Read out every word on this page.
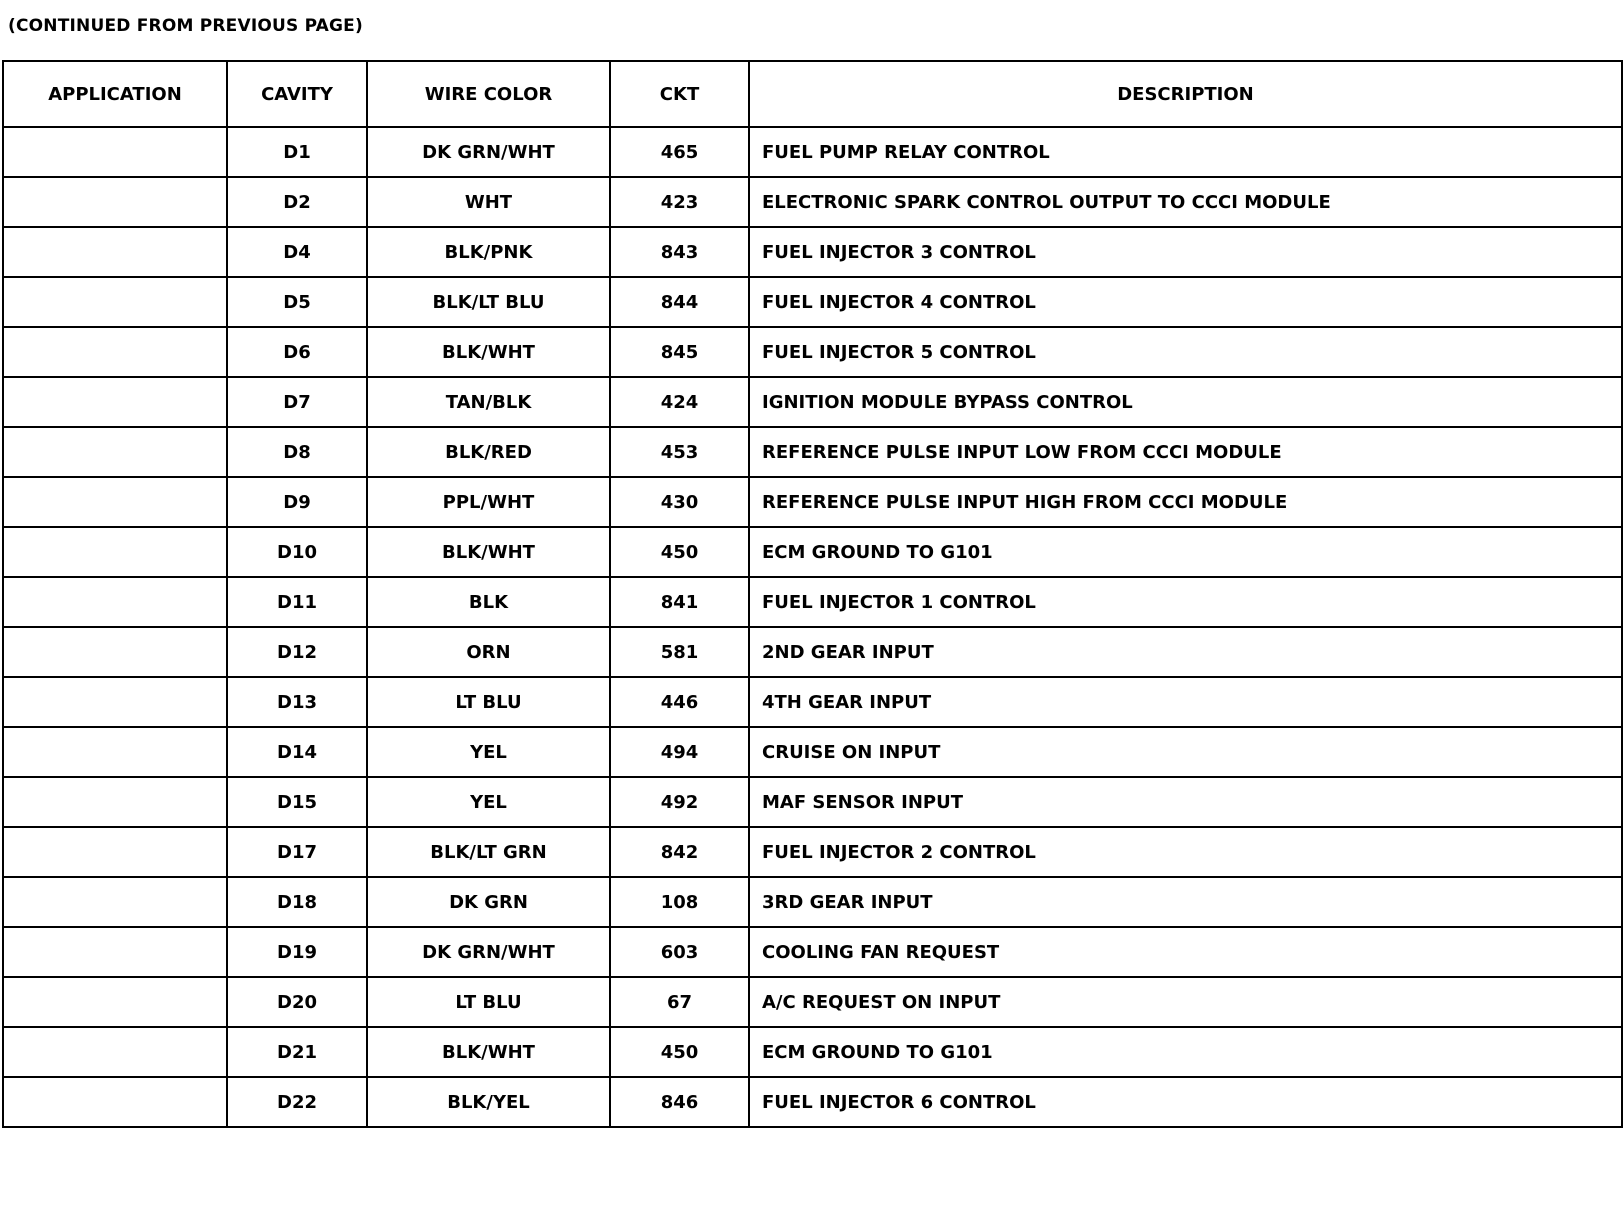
(CONTINUED FROM PREVIOUS PAGE)
APPLICATION	CAVITY	WIRE COLOR	CKT	DESCRIPTION
	D1	DK GRN/WHT	465	FUEL PUMP RELAY CONTROL
	D2	WHT	423	ELECTRONIC SPARK CONTROL OUTPUT TO CCCI MODULE
	D4	BLK/PNK	843	FUEL INJECTOR 3 CONTROL
	D5	BLK/LT BLU	844	FUEL INJECTOR 4 CONTROL
	D6	BLK/WHT	845	FUEL INJECTOR 5 CONTROL
	D7	TAN/BLK	424	IGNITION MODULE BYPASS CONTROL
	D8	BLK/RED	453	REFERENCE PULSE INPUT LOW FROM CCCI MODULE
	D9	PPL/WHT	430	REFERENCE PULSE INPUT HIGH FROM CCCI MODULE
	D10	BLK/WHT	450	ECM GROUND TO G101
	D11	BLK	841	FUEL INJECTOR 1 CONTROL
	D12	ORN	581	2ND GEAR INPUT
	D13	LT BLU	446	4TH GEAR INPUT
	D14	YEL	494	CRUISE ON INPUT
	D15	YEL	492	MAF SENSOR INPUT
	D17	BLK/LT GRN	842	FUEL INJECTOR 2 CONTROL
	D18	DK GRN	108	3RD GEAR INPUT
	D19	DK GRN/WHT	603	COOLING FAN REQUEST
	D20	LT BLU	67	A/C REQUEST ON INPUT
	D21	BLK/WHT	450	ECM GROUND TO G101
	D22	BLK/YEL	846	FUEL INJECTOR 6 CONTROL
